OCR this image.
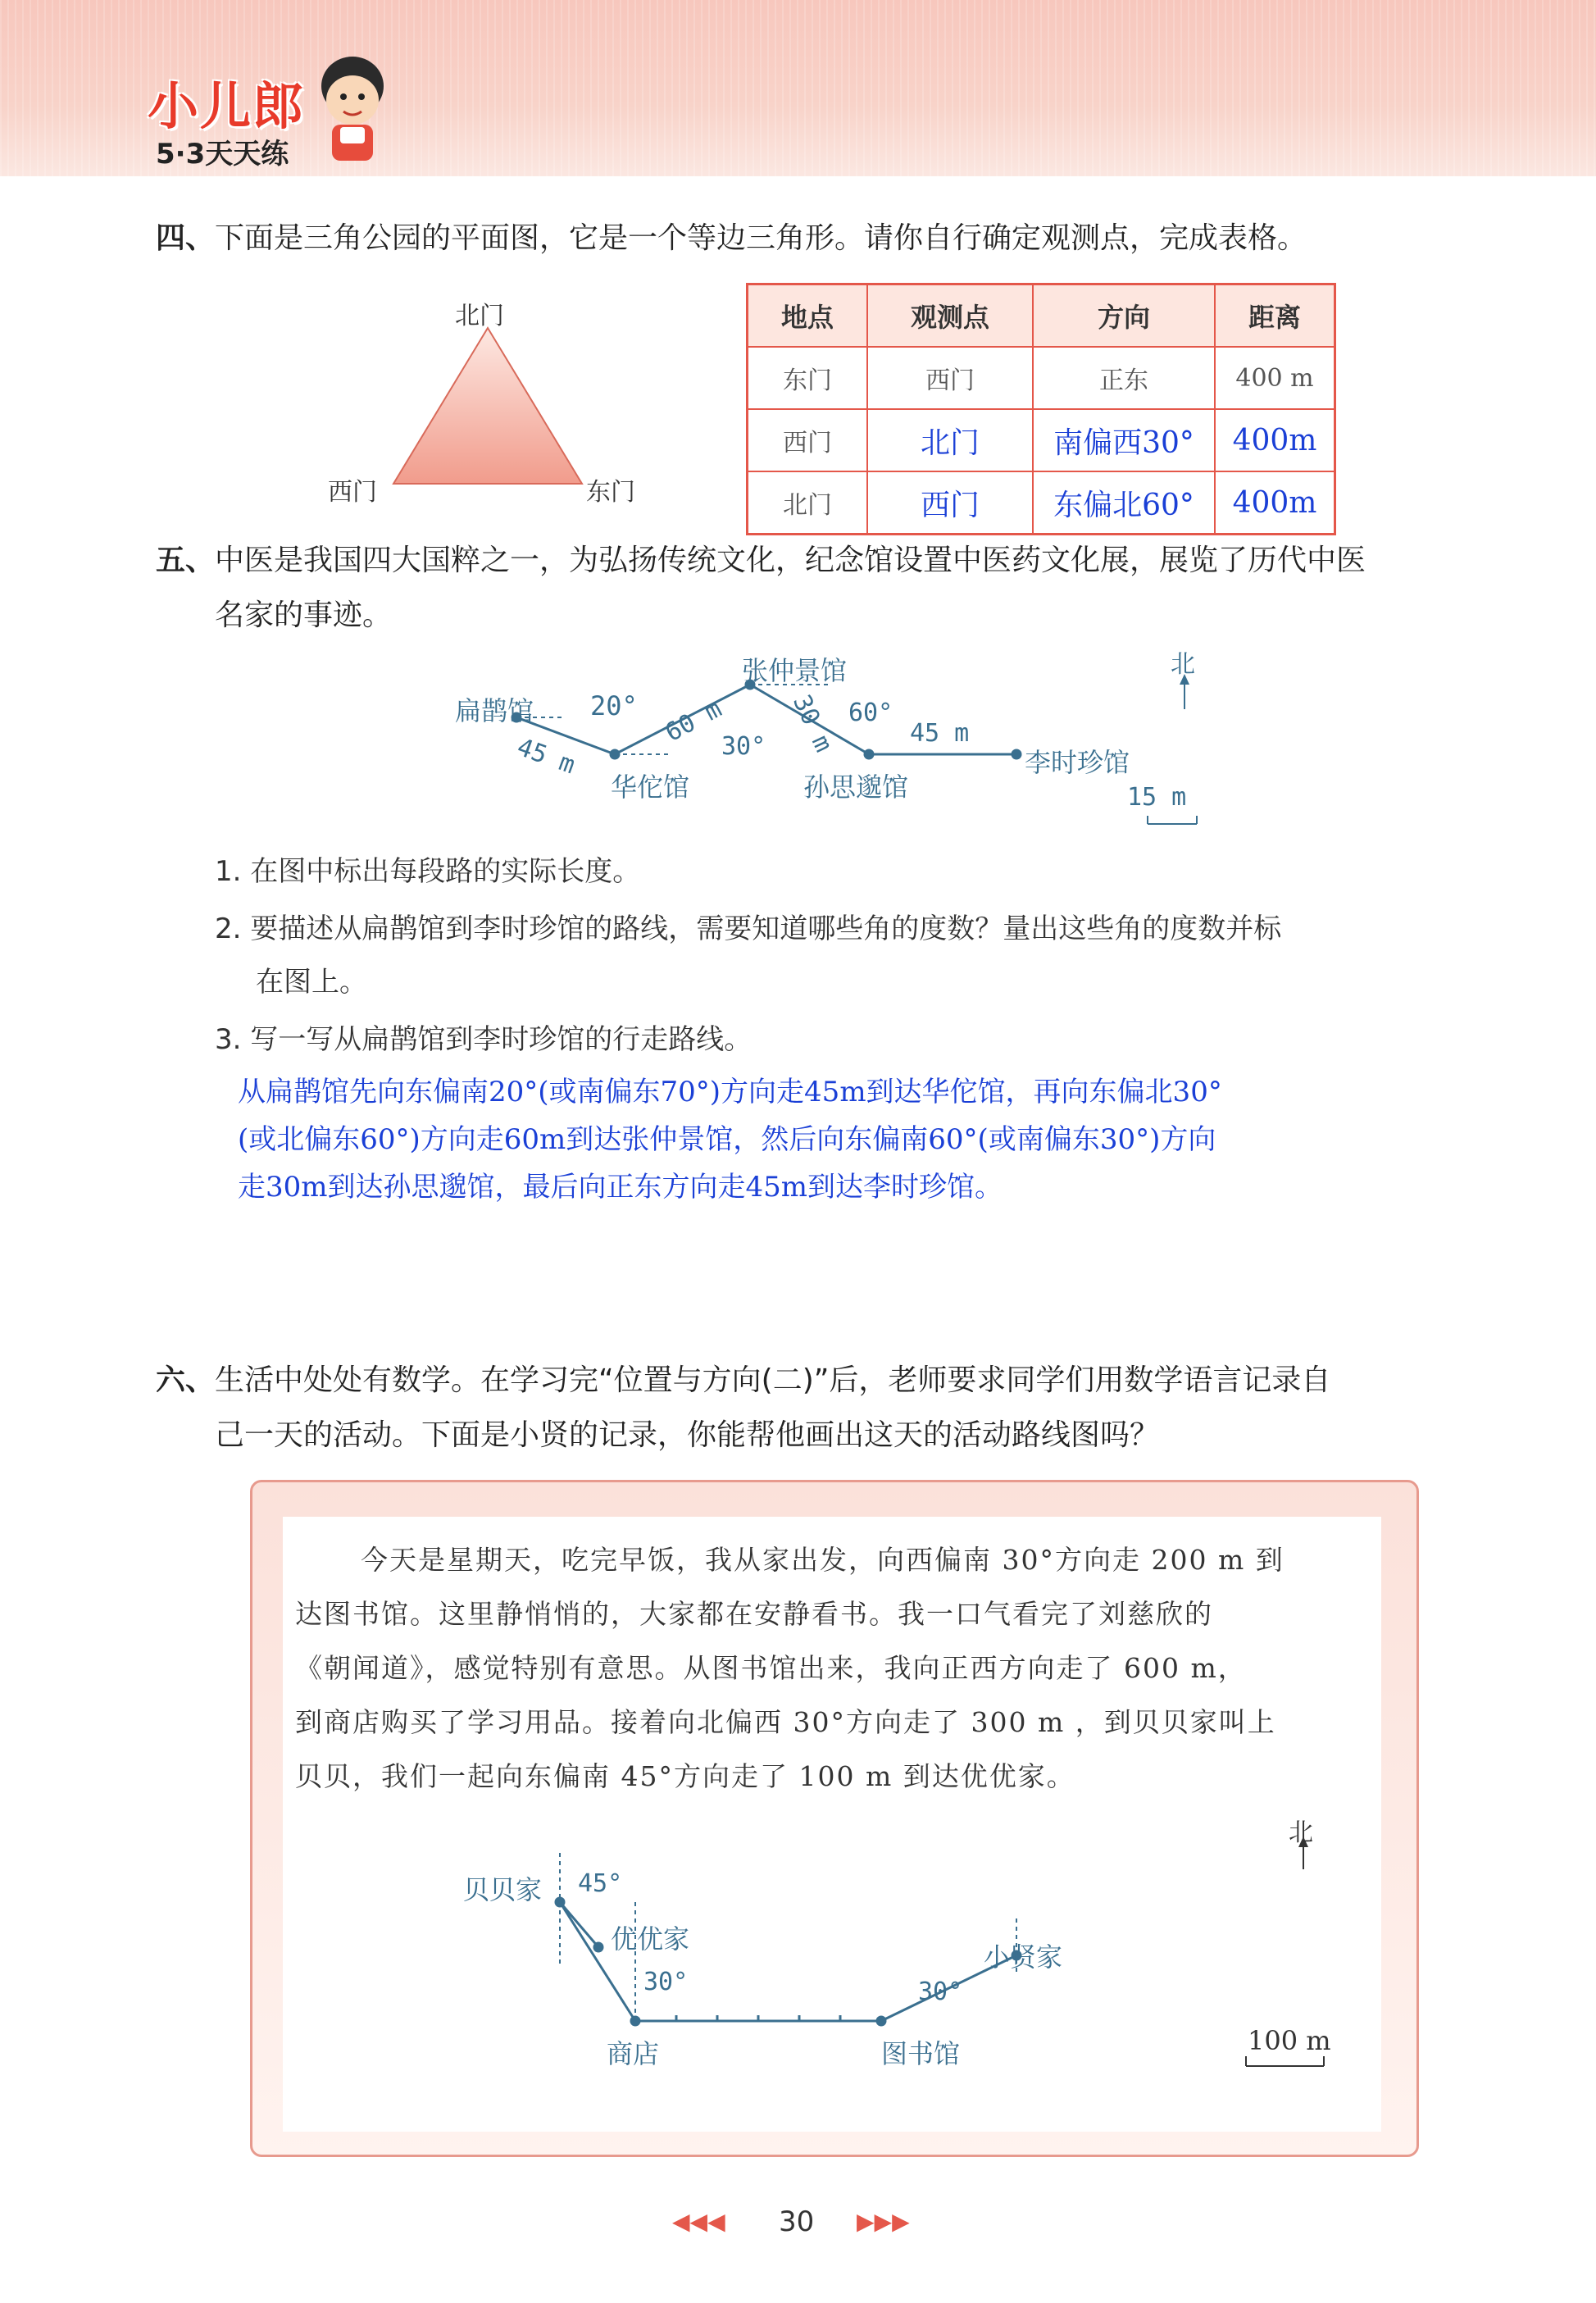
小儿郎
5·3天天练
四、下面是三角公园的平面图，它是一个等边三角形。请你自行确定观测点，完成表格。
北门
西门	东门
地点	观测点	方向	距离
东门	西门	正东	400 m
西门	北门	南偏西30°	400m
北门	西门	东偏北60°	400m
五、中医是我国四大国粹之一，为弘扬传统文化，纪念馆设置中医药文化展，展览了历代中医
名家的事迹。
扁鹊馆 20°
45 m
华佗馆
60 m
30°
张仲景馆
30 m 60°
孙思邈馆
45 m
李时珍馆
北
15 m
1. 在图中标出每段路的实际长度。
2. 要描述从扁鹊馆到李时珍馆的路线，需要知道哪些角的度数？量出这些角的度数并标
在图上。
3. 写一写从扁鹊馆到李时珍馆的行走路线。
从扁鹊馆先向东偏南20°(或南偏东70°)方向走45m到达华佗馆，再向东偏北30°
(或北偏东60°)方向走60m到达张仲景馆，然后向东偏南60°(或南偏东30°)方向
走30m到达孙思邈馆，最后向正东方向走45m到达李时珍馆。
六、生活中处处有数学。在学习完“位置与方向(二)”后，老师要求同学们用数学语言记录自
己一天的活动。下面是小贤的记录，你能帮他画出这天的活动路线图吗？
今天是星期天，吃完早饭，我从家出发，向西偏南 30°方向走 200 m 到
达图书馆。这里静悄悄的，大家都在安静看书。我一口气看完了刘慈欣的
《朝闻道》，感觉特别有意思。从图书馆出来，我向正西方向走了 600 m，
到商店购买了学习用品。接着向北偏西 30°方向走了 300 m ，到贝贝家叫上
贝贝，我们一起向东偏南 45°方向走了 100 m 到达优优家。
贝贝家 45°
优优家
30°
商店	图书馆
30°
小贤家
北
100 m
◀◀◀ 30 ▶▶▶
